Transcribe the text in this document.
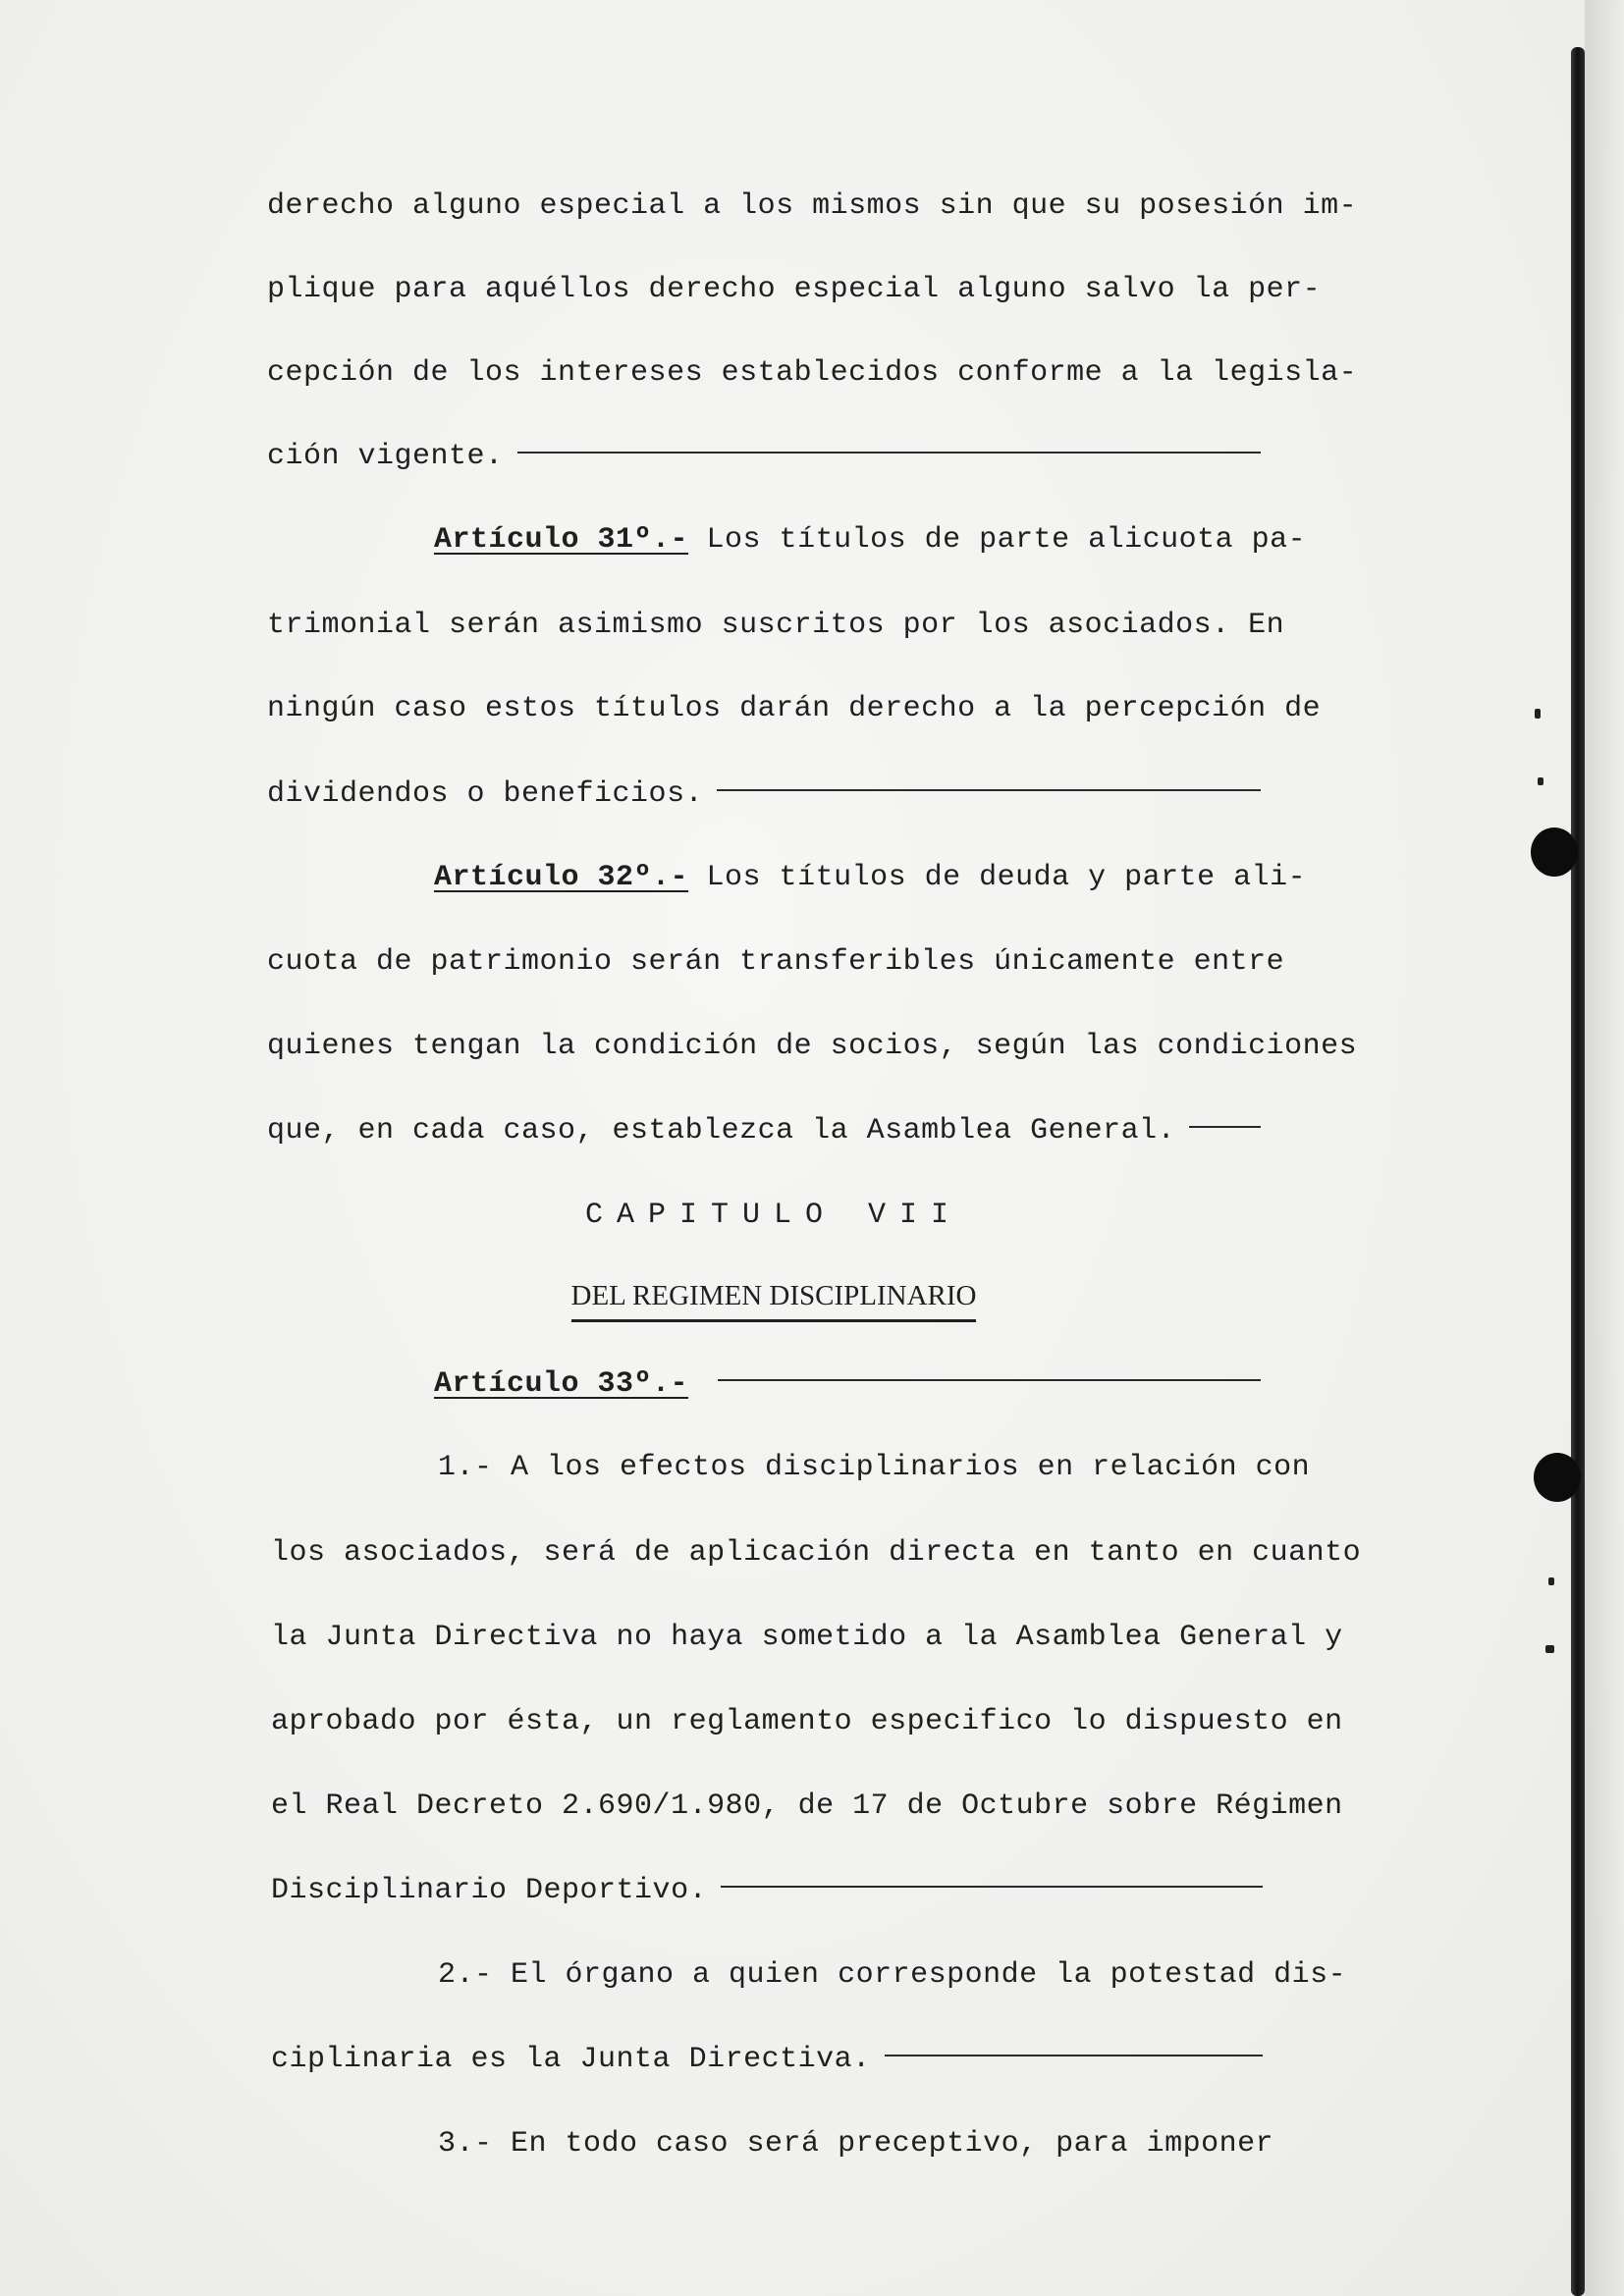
derecho alguno especial a los mismos sin que su posesión im-
plique para aquéllos derecho especial alguno salvo la per-
cepción de los intereses establecidos conforme a la legisla-
ción vigente.
Artículo 31º.- Los títulos de parte alicuota pa-
trimonial serán asimismo suscritos por los asociados. En
ningún caso estos títulos darán derecho a la percepción de
dividendos o beneficios.
Artículo 32º.- Los títulos de deuda y parte ali-
cuota de patrimonio serán transferibles únicamente entre
quienes tengan la condición de socios, según las condiciones
que, en cada caso, establezca la Asamblea General.
CAPITULO VII
DEL REGIMEN DISCIPLINARIO
Artículo 33º.-
1.- A los efectos disciplinarios en relación con
los asociados, será de aplicación directa en tanto en cuanto
la Junta Directiva no haya sometido a la Asamblea General y
aprobado por ésta, un reglamento especifico lo dispuesto en
el Real Decreto 2.690/1.980, de 17 de Octubre sobre Régimen
Disciplinario Deportivo.
2.- El órgano a quien corresponde la potestad dis-
ciplinaria es la Junta Directiva.
3.- En todo caso será preceptivo, para imponer
